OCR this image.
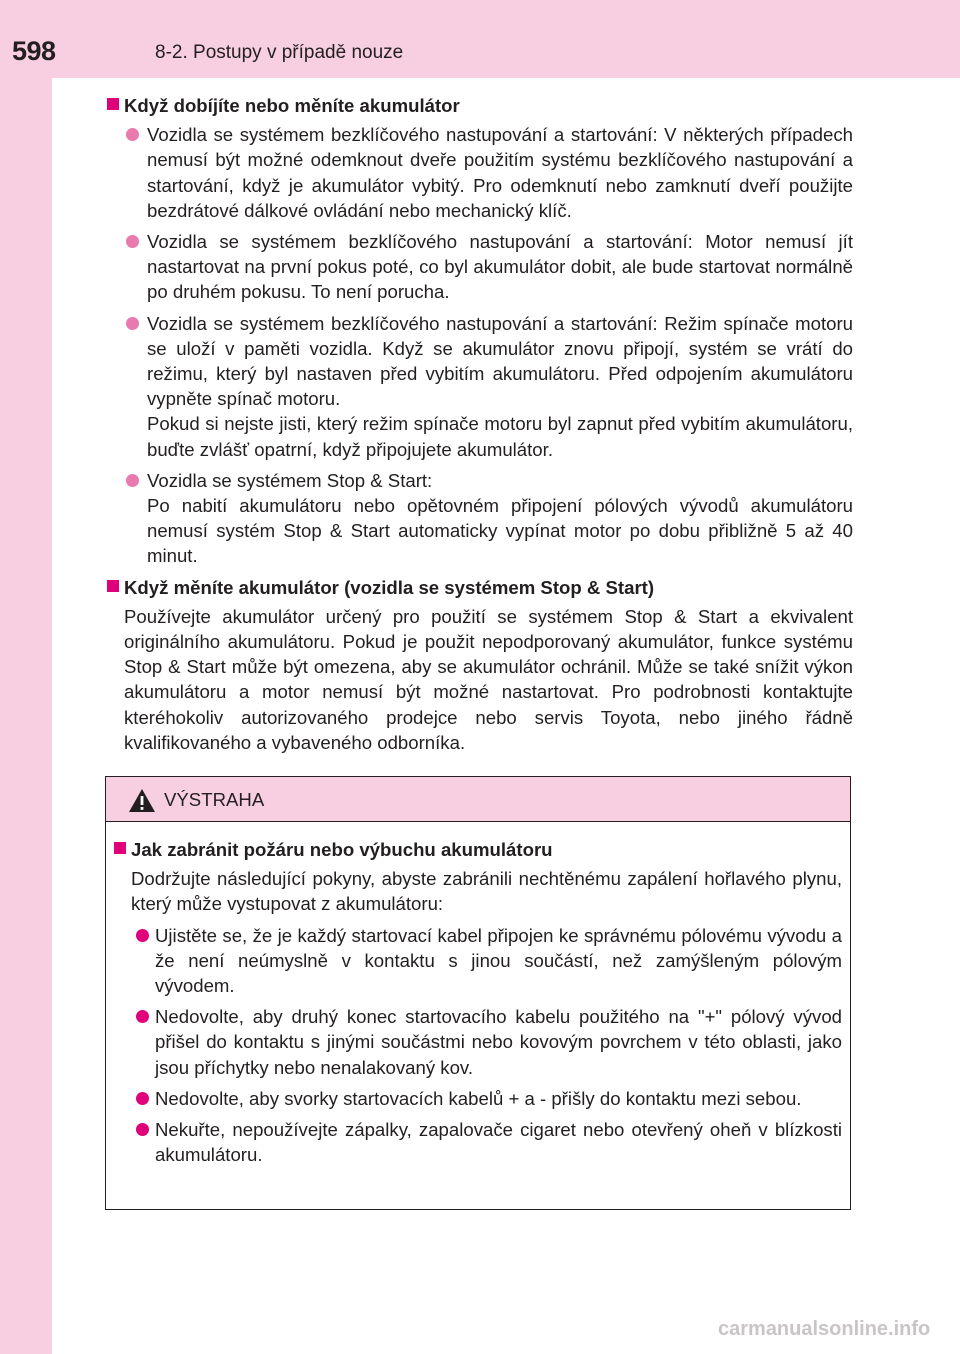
598	8-2. Postupy v případě nouze
Když dobíjíte nebo měníte akumulátor

Vozidla se systémem bezklíčového nastupování a startování: V některých případech nemusí být možné odemknout dveře použitím systému bezklíčového nastupování a startování, když je akumulátor vybitý. Pro odemknutí nebo zamknutí dveří použijte bezdrátové dálkové ovládání nebo mechanický klíč.

Vozidla se systémem bezklíčového nastupování a startování: Motor nemusí jít nastartovat na první pokus poté, co byl akumulátor dobit, ale bude startovat normálně po druhém pokusu. To není porucha.

Vozidla se systémem bezklíčového nastupování a startování: Režim spínače motoru se uloží v paměti vozidla. Když se akumulátor znovu připojí, systém se vrátí do režimu, který byl nastaven před vybitím akumulátoru. Před odpojením akumulátoru vypněte spínač motoru.

Pokud si nejste jisti, který režim spínače motoru byl zapnut před vybitím akumulátoru, buďte zvlášť opatrní, když připojujete akumulátor.

Vozidla se systémem Stop & Start:

Po nabití akumulátoru nebo opětovném připojení pólových vývodů akumulátoru nemusí systém Stop & Start automaticky vypínat motor po dobu přibližně 5 až 40 minut.

Když měníte akumulátor (vozidla se systémem Stop & Start)

Používejte akumulátor určený pro použití se systémem Stop & Start a ekvivalent originálního akumulátoru. Pokud je použit nepodporovaný akumulátor, funkce systému Stop & Start může být omezena, aby se akumulátor ochránil. Může se také snížit výkon akumulátoru a motor nemusí být možné nastartovat. Pro podrobnosti kontaktujte kteréhokoliv autorizovaného prodejce nebo servis Toyota, nebo jiného řádně kvalifikovaného a vybaveného odborníka.

VÝSTRAHA
Jak zabránit požáru nebo výbuchu akumulátoru

Dodržujte následující pokyny, abyste zabránili nechtěnému zapálení hořlavého plynu, který může vystupovat z akumulátoru:

Ujistěte se, že je každý startovací kabel připojen ke správnému pólovému vývodu a že není neúmyslně v kontaktu s jinou součástí, než zamýšleným pólovým vývodem.

Nedovolte, aby druhý konec startovacího kabelu použitého na "+" pólový vývod přišel do kontaktu s jinými součástmi nebo kovovým povrchem v této oblasti, jako jsou příchytky nebo nenalakovaný kov.

Nedovolte, aby svorky startovacích kabelů + a - přišly do kontaktu mezi sebou.

Nekuřte, nepoužívejte zápalky, zapalovače cigaret nebo otevřený oheň v blízkosti akumulátoru.

carmanualsonline.info
